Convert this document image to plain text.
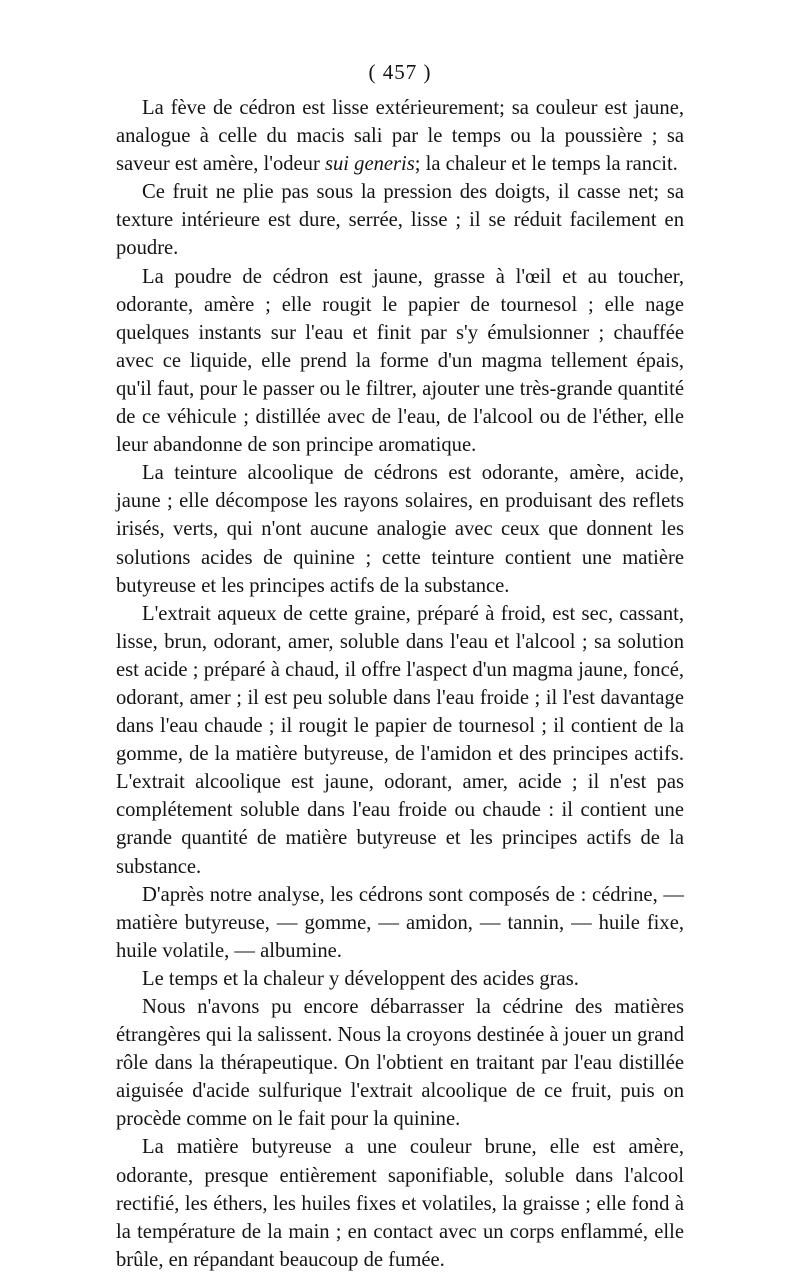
( 457 )

La fève de cédron est lisse extérieurement; sa couleur est jaune, analogue à celle du macis sali par le temps ou la poussière ; sa saveur est amère, l'odeur sui generis; la chaleur et le temps la rancit.

Ce fruit ne plie pas sous la pression des doigts, il casse net; sa texture intérieure est dure, serrée, lisse ; il se réduit facilement en poudre.

La poudre de cédron est jaune, grasse à l'œil et au toucher, odorante, amère ; elle rougit le papier de tournesol ; elle nage quelques instants sur l'eau et finit par s'y émulsionner ; chauffée avec ce liquide, elle prend la forme d'un magma tellement épais, qu'il faut, pour le passer ou le filtrer, ajouter une très-grande quantité de ce véhicule ; distillée avec de l'eau, de l'alcool ou de l'éther, elle leur abandonne de son principe aromatique.

La teinture alcoolique de cédrons est odorante, amère, acide, jaune ; elle décompose les rayons solaires, en produisant des reflets irisés, verts, qui n'ont aucune analogie avec ceux que donnent les solutions acides de quinine ; cette teinture contient une matière butyreuse et les principes actifs de la substance.

L'extrait aqueux de cette graine, préparé à froid, est sec, cassant, lisse, brun, odorant, amer, soluble dans l'eau et l'alcool ; sa solution est acide ; préparé à chaud, il offre l'aspect d'un magma jaune, foncé, odorant, amer ; il est peu soluble dans l'eau froide ; il l'est davantage dans l'eau chaude ; il rougit le papier de tournesol ; il contient de la gomme, de la matière butyreuse, de l'amidon et des principes actifs. L'extrait alcoolique est jaune, odorant, amer, acide ; il n'est pas complétement soluble dans l'eau froide ou chaude : il contient une grande quantité de matière butyreuse et les principes actifs de la substance.

D'après notre analyse, les cédrons sont composés de : cédrine, — matière butyreuse, — gomme, — amidon, — tannin, — huile fixe, huile volatile, — albumine.

Le temps et la chaleur y développent des acides gras.

Nous n'avons pu encore débarrasser la cédrine des matières étrangères qui la salissent. Nous la croyons destinée à jouer un grand rôle dans la thérapeutique. On l'obtient en traitant par l'eau distillée aiguisée d'acide sulfurique l'extrait alcoolique de ce fruit, puis on procède comme on le fait pour la quinine.

La matière butyreuse a une couleur brune, elle est amère, odorante, presque entièrement saponifiable, soluble dans l'alcool rectifié, les éthers, les huiles fixes et volatiles, la graisse ; elle fond à la température de la main ; en contact avec un corps enflammé, elle brûle, en répandant beaucoup de fumée.
